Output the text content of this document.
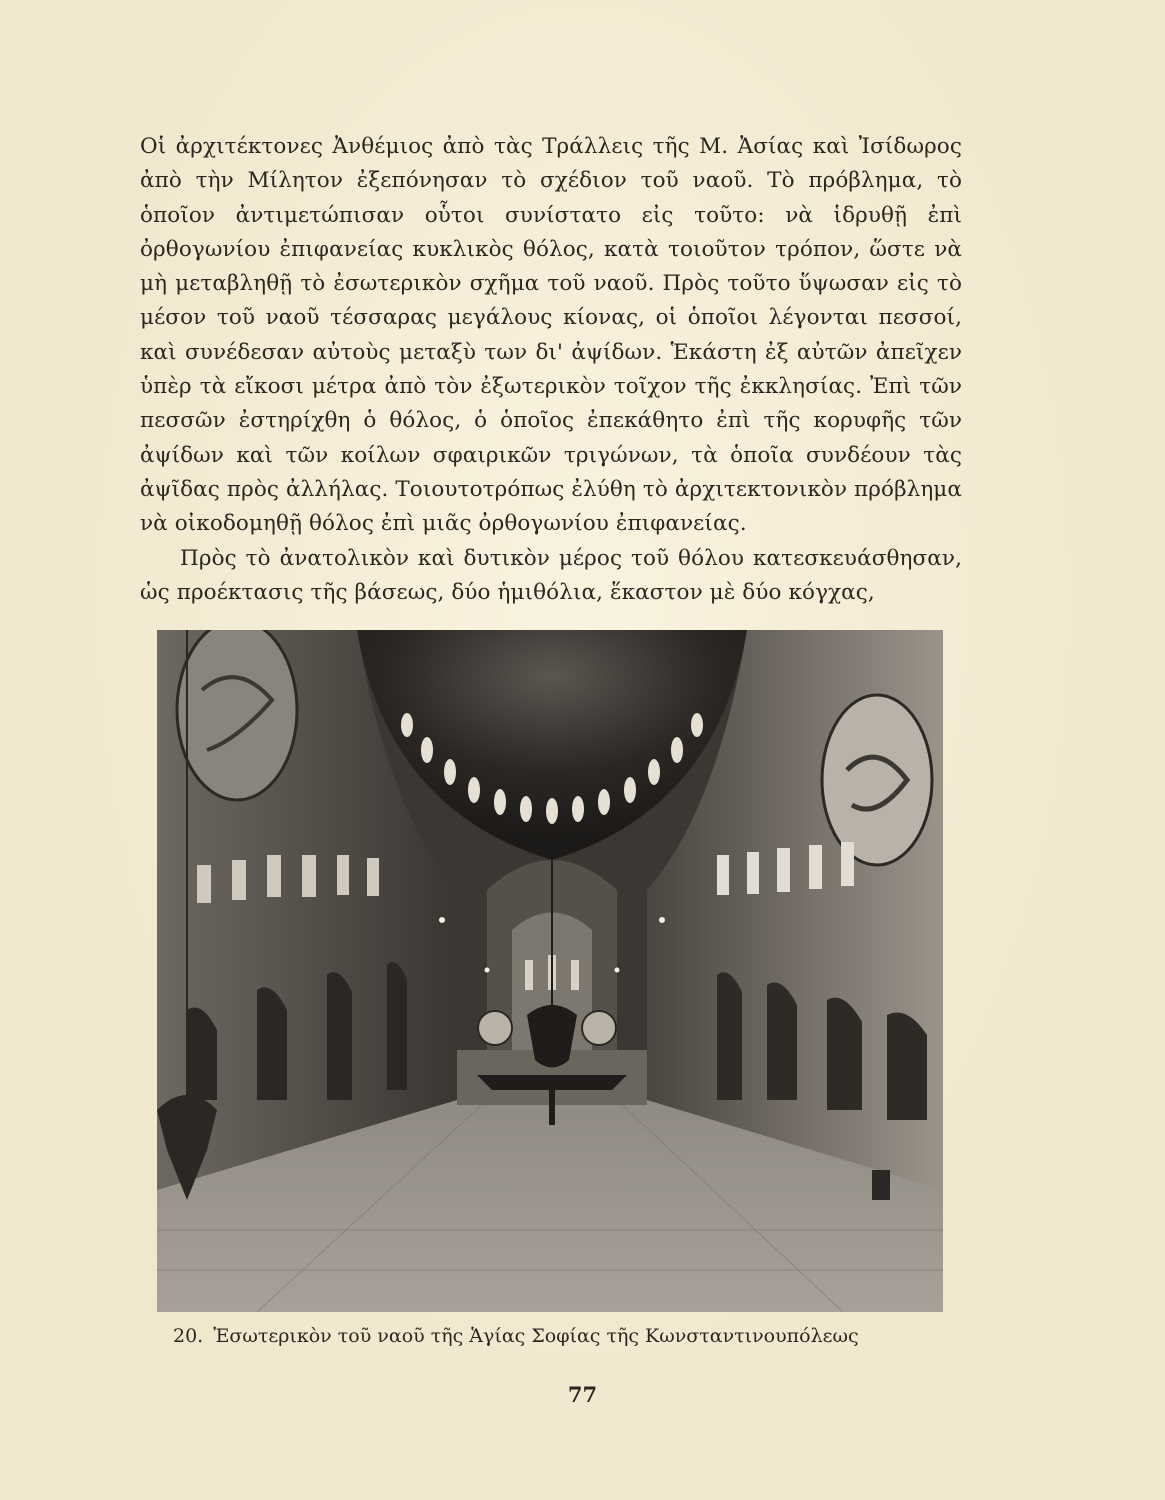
Οἱ ἀρχιτέκτονες Ἀνθέμιος ἀπὸ τὰς Τράλλεις τῆς Μ. Ἀσίας καὶ Ἰσίδωρος ἀπὸ τὴν Μίλητον ἐξεπόνησαν τὸ σχέδιον τοῦ ναοῦ. Τὸ πρόβλημα, τὸ ὁποῖον ἀντιμετώπισαν οὗτοι συνίστατο εἰς τοῦτο: νὰ ἱδρυθῇ ἐπὶ ὀρθογωνίου ἐπιφανείας κυκλικὸς θόλος, κατὰ τοιοῦτον τρόπον, ὥστε νὰ μὴ μεταβληθῇ τὸ ἐσωτερικὸν σχῆμα τοῦ ναοῦ. Πρὸς τοῦτο ὕψωσαν εἰς τὸ μέσον τοῦ ναοῦ τέσσαρας μεγάλους κίονας, οἱ ὁποῖοι λέγονται πεσσοί, καὶ συνέδεσαν αὐτοὺς μεταξὺ των δι' ἀψίδων. Ἑκάστη ἐξ αὐτῶν ἀπεῖχεν ὑπὲρ τὰ εἴκοσι μέτρα ἀπὸ τὸν ἐξωτερικὸν τοῖχον τῆς ἐκκλησίας. Ἐπὶ τῶν πεσσῶν ἐστηρίχθη ὁ θόλος, ὁ ὁποῖος ἐπεκάθητο ἐπὶ τῆς κορυφῆς τῶν ἀψίδων καὶ τῶν κοίλων σφαιρικῶν τριγώνων, τὰ ὁποῖα συνδέουν τὰς ἀψῖδας πρὸς ἀλλήλας. Τοιουτοτρόπως ἐλύθη τὸ ἀρχιτεκτονικὸν πρόβλημα νὰ οἰκοδομηθῇ θόλος ἐπὶ μιᾶς ὀρθογωνίου ἐπιφανείας.

Πρὸς τὸ ἀνατολικὸν καὶ δυτικὸν μέρος τοῦ θόλου κατεσκευάσθησαν, ὡς προέκτασις τῆς βάσεως, δύο ἡμιθόλια, ἕκαστον μὲ δύο κόγχας,

20. Ἐσωτερικὸν τοῦ ναοῦ τῆς Ἁγίας Σοφίας τῆς Κωνσταντινουπόλεως
77
